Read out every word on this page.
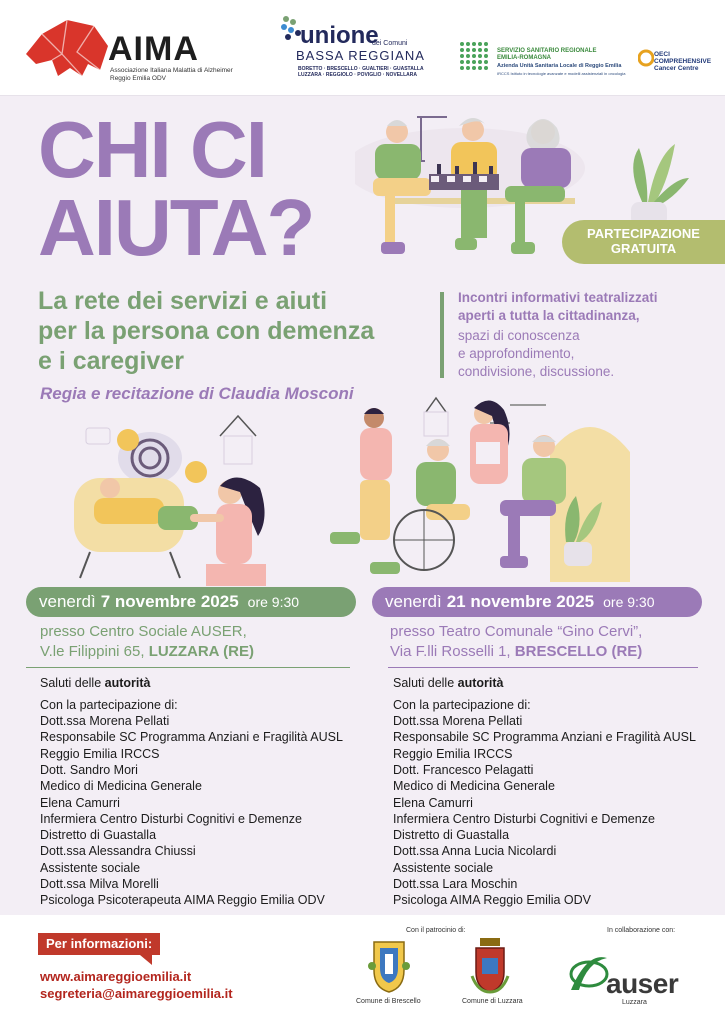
AIMA
Associazione Italiana Malattia di Alzheimer
Reggio Emilia ODV
unione
dei Comuni
BASSA REGGIANA
BORETTO · BRESCELLO · GUALTIERI · GUASTALLA
LUZZARA · REGGIOLO · POVIGLIO · NOVELLARA
SERVIZIO SANITARIO REGIONALE
EMILIA-ROMAGNA
Azienda Unità Sanitaria Locale di Reggio Emilia
IRCCS Istituto in tecnologie avanzate e modelli assistenziali in oncologia
OECI
COMPREHENSIVE
Cancer Centre
CHI CI
AIUTA?	PARTECIPAZIONE
GRATUITA
La rete dei servizi e aiuti
per la persona con demenza
e i caregiver
Regia e recitazione di Claudia Mosconi
Incontri informativi teatralizzati
aperti a tutta la cittadinanza,
spazi di conoscenza
e approfondimento,
condivisione, discussione.
venerdì 7 novembre 2025 ore 9:30
presso Centro Sociale AUSER,
V.le Filippini 65, LUZZARA (RE)
Saluti delle autorità
Con la partecipazione di:
Dott.ssa Morena Pellati
Responsabile SC Programma Anziani e Fragilità AUSL
Reggio Emilia IRCCS
Dott. Sandro Mori
Medico di Medicina Generale
Elena Camurri
Infermiera Centro Disturbi Cognitivi e Demenze
Distretto di Guastalla
Dott.ssa Alessandra Chiussi
Assistente sociale
Dott.ssa Milva Morelli
Psicologa Psicoterapeuta AIMA Reggio Emilia ODV
venerdì 21 novembre 2025 ore 9:30
presso Teatro Comunale “Gino Cervi”,
Via F.lli Rosselli 1, BRESCELLO (RE)
Saluti delle autorità
Con la partecipazione di:
Dott.ssa Morena Pellati
Responsabile SC Programma Anziani e Fragilità AUSL
Reggio Emilia IRCCS
Dott. Francesco Pelagatti
Medico di Medicina Generale
Elena Camurri
Infermiera Centro Disturbi Cognitivi e Demenze
Distretto di Guastalla
Dott.ssa Anna Lucia Nicolardi
Assistente sociale
Dott.ssa Lara Moschin
Psicologa AIMA Reggio Emilia ODV
Per informazioni:
www.aimareggioemilia.it
segreteria@aimareggioemilia.it
Con il patrocinio di:
Comune di Brescello	Comune di Luzzara
In collaborazione con:
auser
Luzzara
